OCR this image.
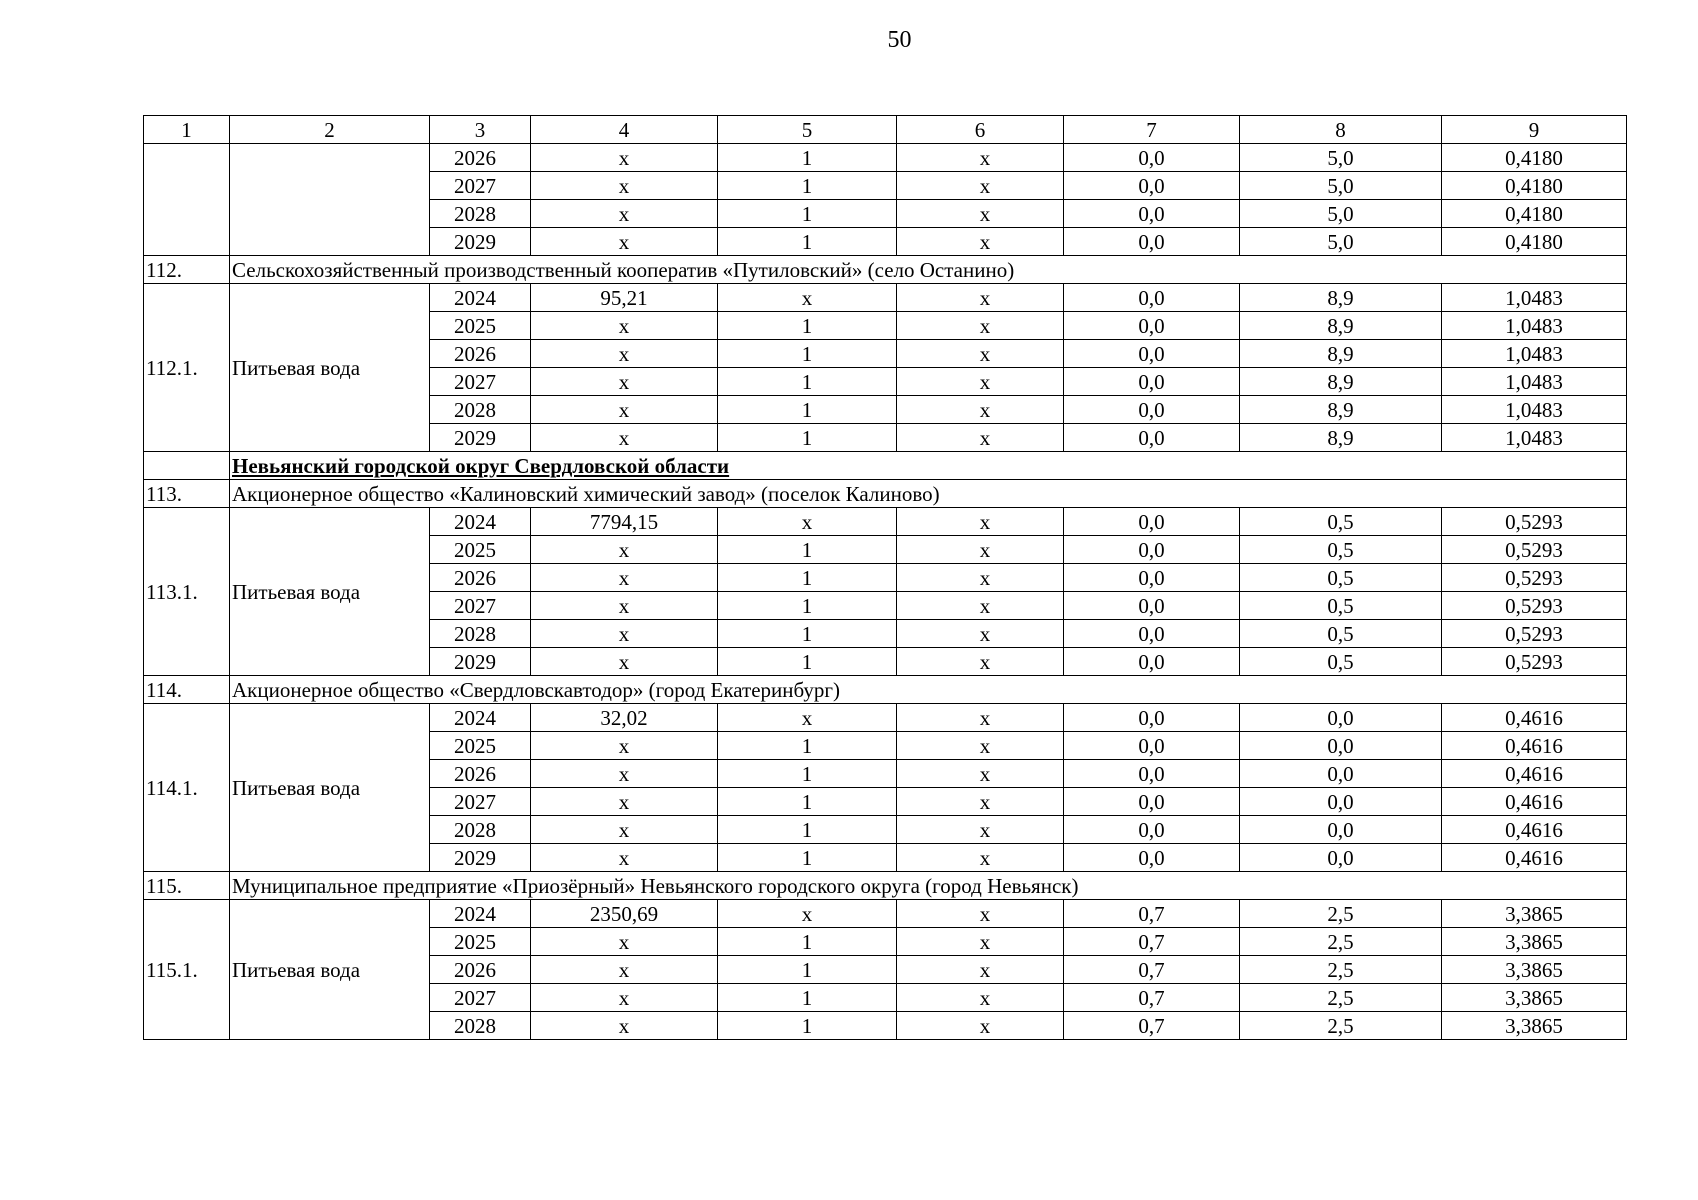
50
1	2	3	4	5	6	7	8	9
		2026	х	1	х	0,0	5,0	0,4180
		2027	х	1	х	0,0	5,0	0,4180
		2028	х	1	х	0,0	5,0	0,4180
		2029	х	1	х	0,0	5,0	0,4180
112.	Сельскохозяйственный производственный кооператив «Путиловский» (село Останино)							
112.1.	Питьевая вода	2024	95,21	х	х	0,0	8,9	1,0483
		2025	х	1	х	0,0	8,9	1,0483
		2026	х	1	х	0,0	8,9	1,0483
		2027	х	1	х	0,0	8,9	1,0483
		2028	х	1	х	0,0	8,9	1,0483
		2029	х	1	х	0,0	8,9	1,0483
	Невьянский городской округ Свердловской области							
113.	Акционерное общество «Калиновский химический завод» (поселок Калиново)							
113.1.	Питьевая вода	2024	7794,15	х	х	0,0	0,5	0,5293
		2025	х	1	х	0,0	0,5	0,5293
		2026	х	1	х	0,0	0,5	0,5293
		2027	х	1	х	0,0	0,5	0,5293
		2028	х	1	х	0,0	0,5	0,5293
		2029	х	1	х	0,0	0,5	0,5293
114.	Акционерное общество «Свердловскавтодор» (город Екатеринбург)							
114.1.	Питьевая вода	2024	32,02	х	х	0,0	0,0	0,4616
		2025	х	1	х	0,0	0,0	0,4616
		2026	х	1	х	0,0	0,0	0,4616
		2027	х	1	х	0,0	0,0	0,4616
		2028	х	1	х	0,0	0,0	0,4616
		2029	х	1	х	0,0	0,0	0,4616
115.	Муниципальное предприятие «Приозёрный» Невьянского городского округа (город Невьянск)							
115.1.	Питьевая вода	2024	2350,69	х	х	0,7	2,5	3,3865
		2025	х	1	х	0,7	2,5	3,3865
		2026	х	1	х	0,7	2,5	3,3865
		2027	х	1	х	0,7	2,5	3,3865
		2028	х	1	х	0,7	2,5	3,3865
